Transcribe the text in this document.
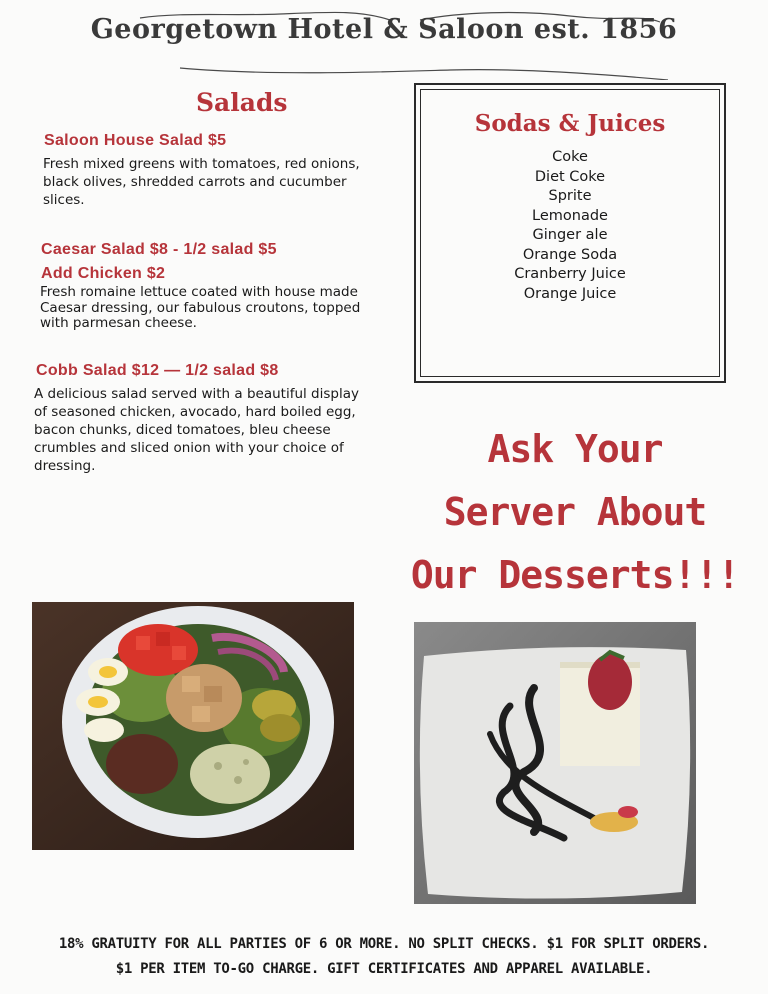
Georgetown Hotel & Saloon est. 1856
Salads
Saloon House Salad $5
Fresh mixed greens with tomatoes, red onions, black olives, shredded carrots and cucumber slices.
Caesar Salad $8 - 1/2 salad $5
Add Chicken $2
Fresh romaine lettuce coated with house made Caesar dressing, our fabulous croutons, topped with parmesan cheese.
Cobb Salad $12 — 1/2 salad $8
A delicious salad served with a beautiful display of seasoned chicken, avocado, hard boiled egg, bacon chunks, diced tomatoes, bleu cheese crumbles and sliced onion with your choice of dressing.
Sodas & Juices
Coke
Diet Coke
Sprite
Lemonade
Ginger ale
Orange Soda
Cranberry Juice
Orange Juice
Ask Your
Server About
Our Desserts!!!
18% GRATUITY FOR ALL PARTIES OF 6 OR MORE. NO SPLIT CHECKS. $1 FOR SPLIT ORDERS.
$1 PER ITEM TO-GO CHARGE. GIFT CERTIFICATES AND APPAREL AVAILABLE.
